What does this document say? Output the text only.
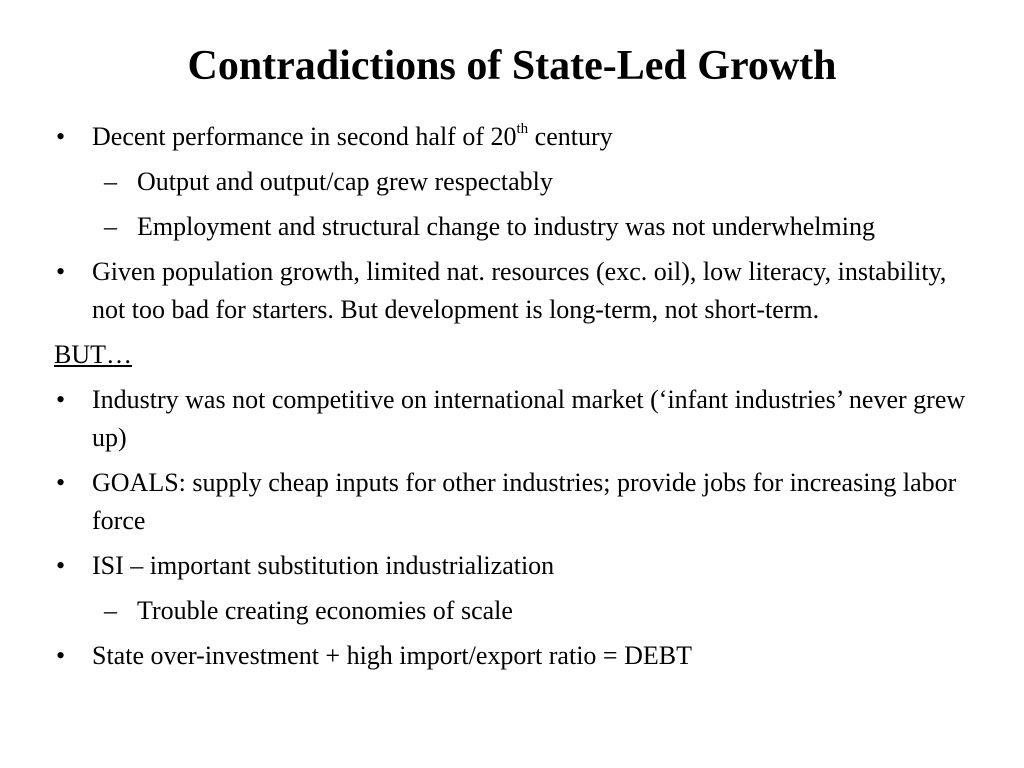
Contradictions of State-Led Growth
• Decent performance in second half of 20th century
– Output and output/cap grew respectably
– Employment and structural change to industry was not underwhelming
• Given population growth, limited nat. resources (exc. oil), low literacy, instability, not too bad for starters. But development is long-term, not short-term.
BUT…
• Industry was not competitive on international market (‘infant industries’ never grew up)
• GOALS: supply cheap inputs for other industries; provide jobs for increasing labor force
• ISI – important substitution industrialization
– Trouble creating economies of scale
• State over-investment + high import/export ratio = DEBT
